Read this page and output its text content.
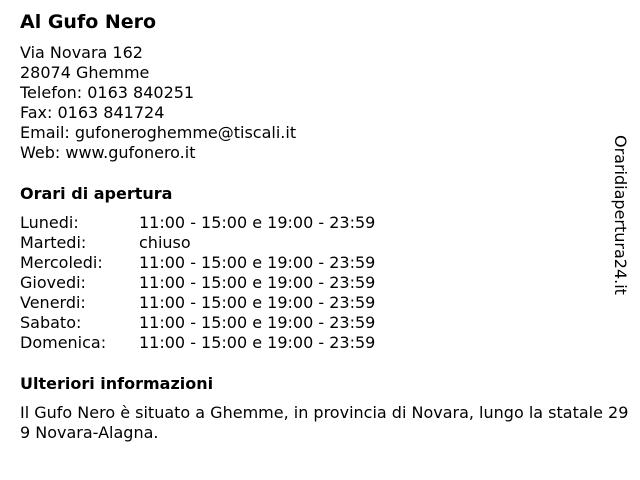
Al Gufo Nero
Via Novara 162
28074 Ghemme
Telefon: 0163 840251
Fax: 0163 841724
Email: gufoneroghemme@tiscali.it
Web: www.gufonero.it
Orari di apertura
Lunedi:	11:00 - 15:00 e 19:00 - 23:59
Martedi:	chiuso
Mercoledi:	11:00 - 15:00 e 19:00 - 23:59
Giovedi:	11:00 - 15:00 e 19:00 - 23:59
Venerdi:	11:00 - 15:00 e 19:00 - 23:59
Sabato:	11:00 - 15:00 e 19:00 - 23:59
Domenica:	11:00 - 15:00 e 19:00 - 23:59
Ulteriori informazioni
Il Gufo Nero è situato a Ghemme, in provincia di Novara, lungo la statale 299 Novara-Alagna.
Oraridiapertura24.it
